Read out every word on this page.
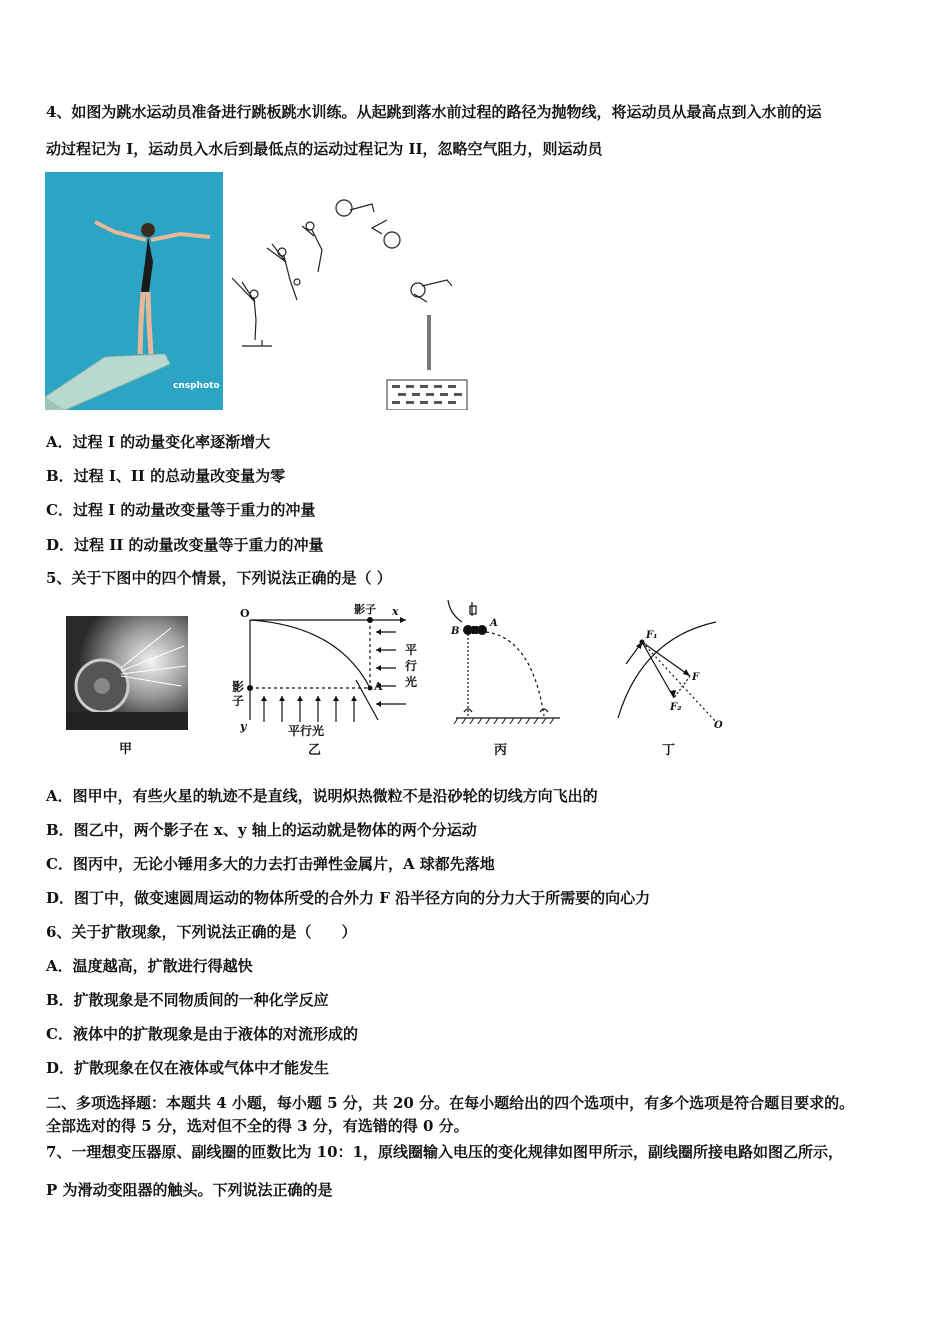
4、如图为跳水运动员准备进行跳板跳水训练。从起跳到落水前过程的路径为抛物线，将运动员从最高点到入水前的运
动过程记为 I，运动员入水后到最低点的运动过程记为 II，忽略空气阻力，则运动员
cnsphoto
A．过程 I 的动量变化率逐渐增大
B．过程 I、II 的总动量改变量为零
C．过程 I 的动量改变量等于重力的冲量
D．过程 II 的动量改变量等于重力的冲量
5、关于下图中的四个情景，下列说法正确的是（ ）
甲
O	影子 x
y
A
影子
平行光
平行光
乙
A
B
丙
F₁
F
F₂
O
丁
A．图甲中，有些火星的轨迹不是直线，说明炽热微粒不是沿砂轮的切线方向飞出的
B．图乙中，两个影子在 x、y 轴上的运动就是物体的两个分运动
C．图丙中，无论小锤用多大的力去打击弹性金属片，A 球都先落地
D．图丁中，做变速圆周运动的物体所受的合外力 F 沿半径方向的分力大于所需要的向心力
6、关于扩散现象，下列说法正确的是（　　）
A．温度越高，扩散进行得越快
B．扩散现象是不同物质间的一种化学反应
C．液体中的扩散现象是由于液体的对流形成的
D．扩散现象在仅在液体或气体中才能发生
二、多项选择题：本题共 4 小题，每小题 5 分，共 20 分。在每小题给出的四个选项中，有多个选项是符合题目要求的。
全部选对的得 5 分，选对但不全的得 3 分，有选错的得 0 分。
7、一理想变压器原、副线圈的匝数比为 10：1，原线圈输入电压的变化规律如图甲所示，副线圈所接电路如图乙所示，
P 为滑动变阻器的触头。下列说法正确的是
